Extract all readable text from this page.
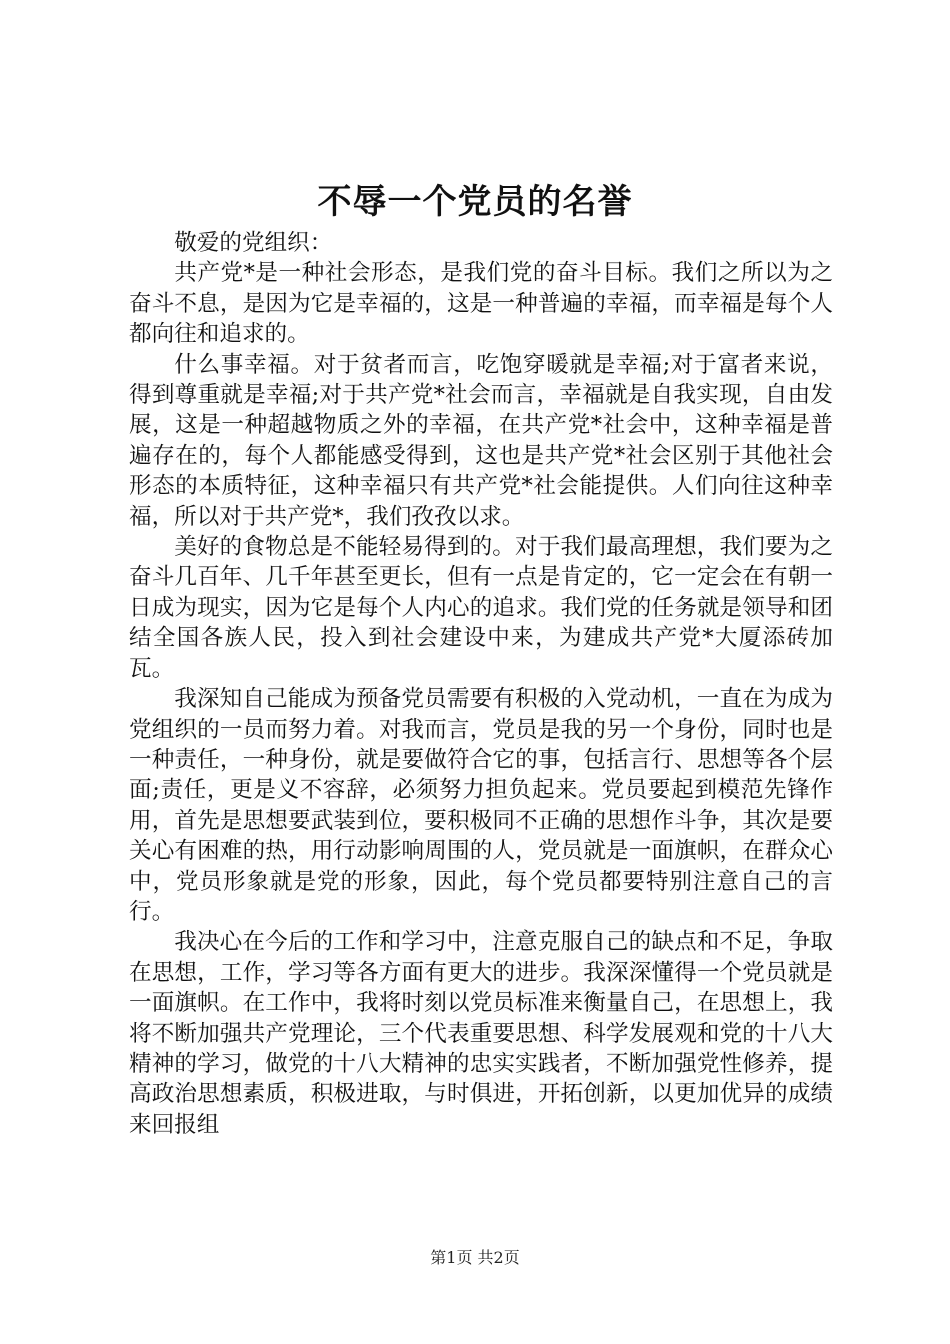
不辱一个党员的名誉

敬爱的党组织：

共产党*是一种社会形态，是我们党的奋斗目标。我们之所以为之奋斗不息，是因为它是幸福的，这是一种普遍的幸福，而幸福是每个人都向往和追求的。

什么事幸福。对于贫者而言，吃饱穿暖就是幸福;对于富者来说，得到尊重就是幸福;对于共产党*社会而言，幸福就是自我实现，自由发展，这是一种超越物质之外的幸福，在共产党*社会中，这种幸福是普遍存在的，每个人都能感受得到，这也是共产党*社会区别于其他社会形态的本质特征，这种幸福只有共产党*社会能提供。人们向往这种幸福，所以对于共产党*，我们孜孜以求。

美好的食物总是不能轻易得到的。对于我们最高理想，我们要为之奋斗几百年、几千年甚至更长，但有一点是肯定的，它一定会在有朝一日成为现实，因为它是每个人内心的追求。我们党的任务就是领导和团结全国各族人民，投入到社会建设中来，为建成共产党*大厦添砖加瓦。

我深知自己能成为预备党员需要有积极的入党动机，一直在为成为党组织的一员而努力着。对我而言，党员是我的另一个身份，同时也是一种责任，一种身份，就是要做符合它的事，包括言行、思想等各个层面;责任，更是义不容辞，必须努力担负起来。党员要起到模范先锋作用，首先是思想要武装到位，要积极同不正确的思想作斗争，其次是要关心有困难的热，用行动影响周围的人，党员就是一面旗帜，在群众心中，党员形象就是党的形象，因此，每个党员都要特别注意自己的言行。

我决心在今后的工作和学习中，注意克服自己的缺点和不足，争取在思想，工作，学习等各方面有更大的进步。我深深懂得一个党员就是一面旗帜。在工作中，我将时刻以党员标准来衡量自己，在思想上，我将不断加强共产党理论，三个代表重要思想、科学发展观和党的十八大精神的学习，做党的十八大精神的忠实实践者，不断加强党性修养，提高政治思想素质，积极进取，与时俱进，开拓创新，以更加优异的成绩来回报组

第1页 共2页
